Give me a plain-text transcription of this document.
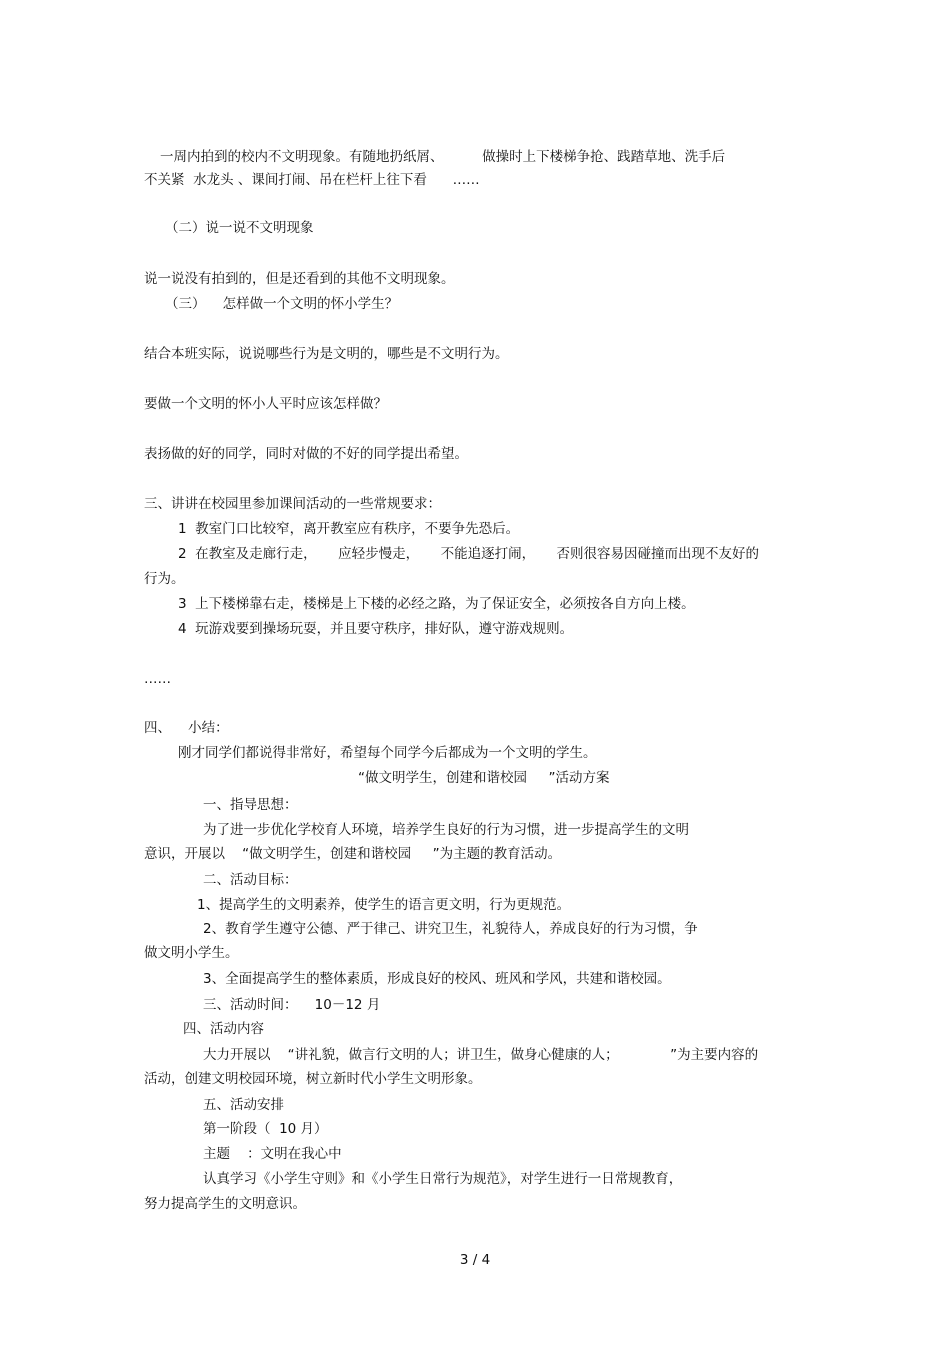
一周内拍到的校内不文明现象。有随地扔纸屑、         做操时上下楼梯争抢、践踏草地、洗手后
不关紧  水龙头 、课间打闹、吊在栏杆上往下看      ……
（二）说一说不文明现象
说一说没有拍到的，但是还看到的其他不文明现象。
（三）    怎样做一个文明的怀小学生？
结合本班实际，说说哪些行为是文明的，哪些是不文明行为。
要做一个文明的怀小人平时应该怎样做？
表扬做的好的同学，同时对做的不好的同学提出希望。
三、讲讲在校园里参加课间活动的一些常规要求：
1  教室门口比较窄，离开教室应有秩序，不要争先恐后。
2  在教室及走廊行走，     应轻步慢走，     不能追逐打闹，     否则很容易因碰撞而出现不友好的
行为。
3  上下楼梯靠右走，楼梯是上下楼的必经之路，为了保证安全，必须按各自方向上楼。
4  玩游戏要到操场玩耍，并且要守秩序，排好队，遵守游戏规则。
……
四、    小结：
刚才同学们都说得非常好，希望每个同学今后都成为一个文明的学生。
“做文明学生，创建和谐校园     ”活动方案
一、指导思想：
为了进一步优化学校育人环境，培养学生良好的行为习惯，进一步提高学生的文明
意识，开展以    “做文明学生，创建和谐校园     ”为主题的教育活动。
二、活动目标：
1、提高学生的文明素养，使学生的语言更文明，行为更规范。
2、教育学生遵守公德、严于律己、讲究卫生，礼貌待人，养成良好的行为习惯，争
做文明小学生。
3、全面提高学生的整体素质，形成良好的校风、班风和学风，共建和谐校园。
三、活动时间：    10－12 月
四、活动内容
大力开展以    “讲礼貌，做言行文明的人；讲卫生，做身心健康的人；            ”为主要内容的
活动，创建文明校园环境，树立新时代小学生文明形象。
五、活动安排
第一阶段（  10 月）
主题    ：文明在我心中
认真学习《小学生守则》和《小学生日常行为规范》，对学生进行一日常规教育，
努力提高学生的文明意识。
3 / 4
